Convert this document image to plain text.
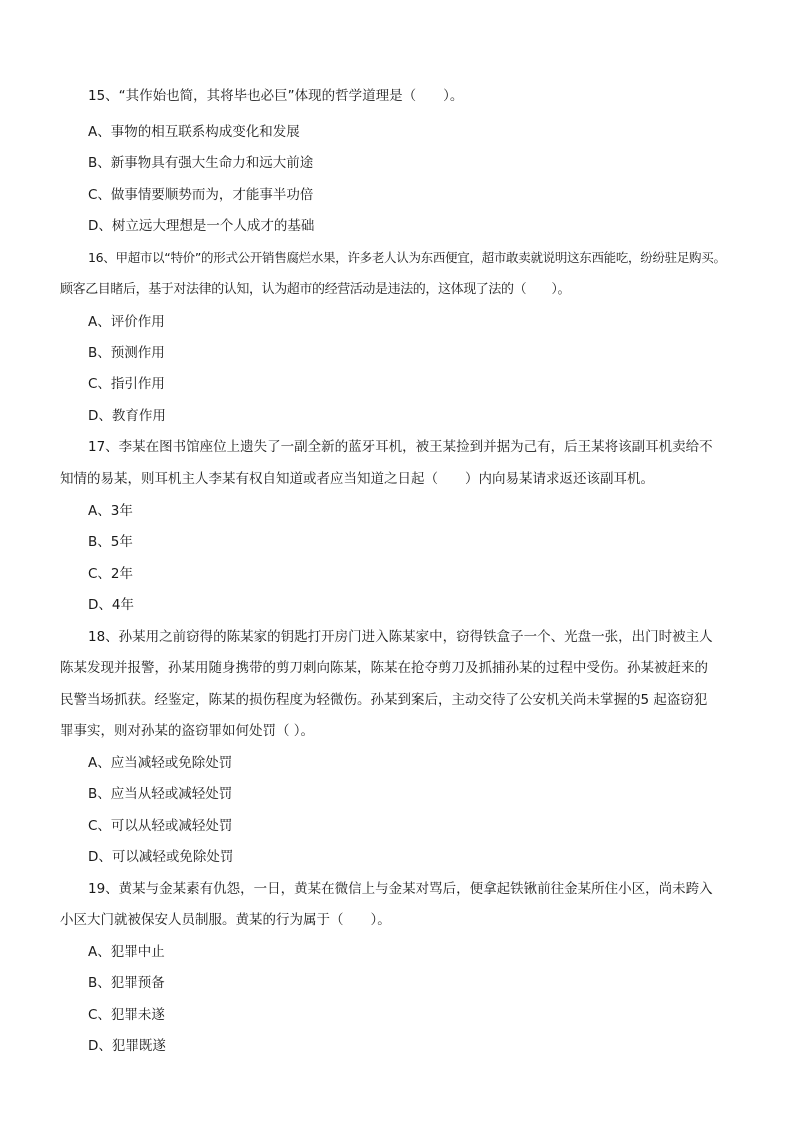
15、“其作始也简，其将毕也必巨”体现的哲学道理是（　　）。
A、事物的相互联系构成变化和发展
B、新事物具有强大生命力和远大前途
C、做事情要顺势而为，才能事半功倍
D、树立远大理想是一个人成才的基础
16、甲超市以“特价”的形式公开销售腐烂水果，许多老人认为东西便宜，超市敢卖就说明这东西能吃，纷纷驻足购买。
顾客乙目睹后，基于对法律的认知，认为超市的经营活动是违法的，这体现了法的（　　）。
A、评价作用
B、预测作用
C、指引作用
D、教育作用
17、李某在图书馆座位上遗失了一副全新的蓝牙耳机，被王某捡到并据为己有，后王某将该副耳机卖给不
知情的易某，则耳机主人李某有权自知道或者应当知道之日起（　　）内向易某请求返还该副耳机。
A、3年
B、5年
C、2年
D、4年
18、孙某用之前窃得的陈某家的钥匙打开房门进入陈某家中，窃得铁盒子一个、光盘一张，出门时被主人
陈某发现并报警，孙某用随身携带的剪刀刺向陈某，陈某在抢夺剪刀及抓捕孙某的过程中受伤。孙某被赶来的
民警当场抓获。经鉴定，陈某的损伤程度为轻微伤。孙某到案后，主动交待了公安机关尚未掌握的5 起盗窃犯
罪事实，则对孙某的盗窃罪如何处罚（ ）。
A、应当减轻或免除处罚
B、应当从轻或减轻处罚
C、可以从轻或减轻处罚
D、可以减轻或免除处罚
19、黄某与金某素有仇怨，一日，黄某在微信上与金某对骂后，便拿起铁锹前往金某所住小区，尚未跨入
小区大门就被保安人员制服。黄某的行为属于（　　）。
A、犯罪中止
B、犯罪预备
C、犯罪未遂
D、犯罪既遂
